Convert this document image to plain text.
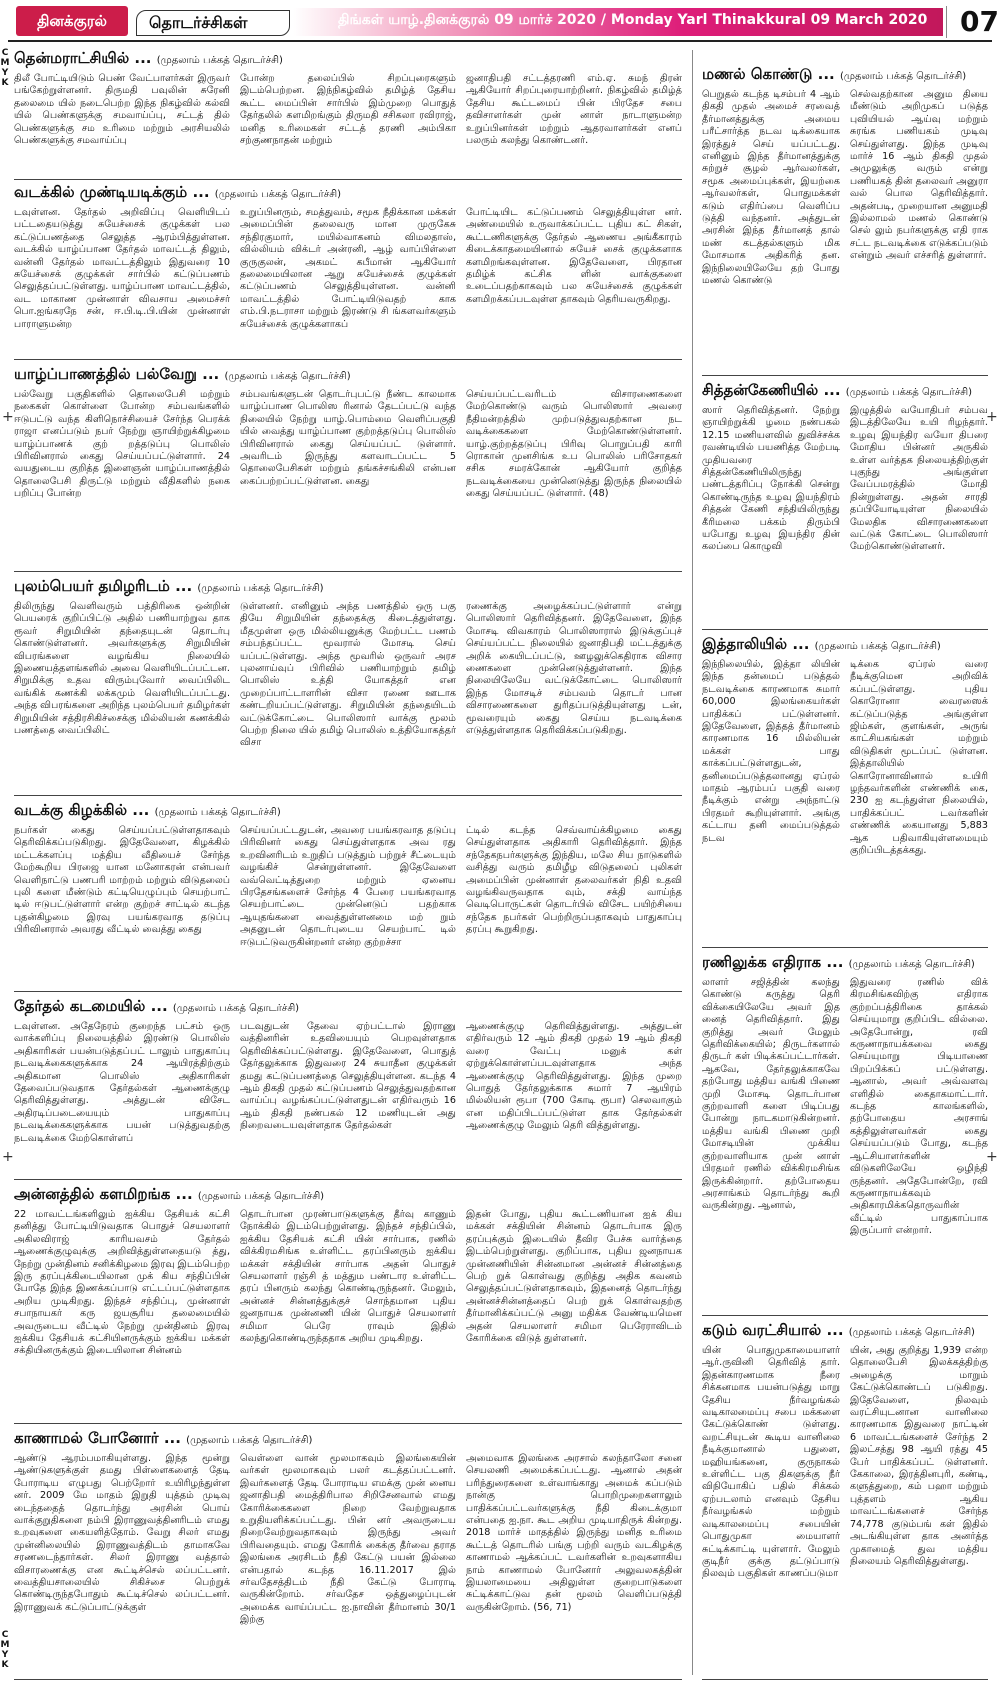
தினக்குரல்	தொடர்ச்சிகள்	திங்கள் யாழ்.தினக்குரல் 09 மார்ச் 2020 / Monday Yarl Thinakkural 09 March 2020	07
CMYK
CMYK
+
+
+
+
தென்மராட்சியில் ... (முதலாம் பக்கத் தொடர்ச்சி)
திலீ போட்டியிடும் பெண் வேட்பாளர்கள் இருவர் பங்கேற்றுள்ளனர். திருமதி பவுலின் சுரேனி தலைமை யில் நடைபெற்ற இந்த நிகழ்வில் கல்வி யில் பெண்களுக்கு சமவாய்ப்பு, சட்டத் தில் பெண்களுக்கு சம உரிமை மற்றும் அரசியலில் பெண்களுக்கு சமவாய்ப்பு
போன்ற தலைப்பில் சிறப்புரைகளும் இடம்பெற்றன. இந்நிகழ்வில் தமிழ்த் தேசிய கூட்ட மைப்பின் சார்பில் இம்முறை பொதுத் தேர்தலில் களமிறங்கும் திருமதி சசிகலா ரவிராஜ், மனித உரிமைகள் சட்டத் தரணி அம்பிகா சற்குணநாதன் மற்றும்
ஜனாதிபதி சட்டத்தரணி எம்.ஏ. சுமந் திரன் ஆகியோர் சிறப்புரையாற்றினர். நிகழ்வில் தமிழ்த் தேசிய கூட்டமைப் பின் பிரதேச சபை தவிசாளர்கள் முன் னாள் நாடாளுமன்ற உறுப்பினர்கள் மற்றும் ஆதரவாளர்கள் எனப் பலரும் கலந்து கொண்டனர்.
வடக்கில் முண்டியடிக்கும் ... (முதலாம் பக்கத் தொடர்ச்சி)
டவுள்ளன. தேர்தல் அறிவிப்பு வெளியிடப் பட்டதையடுத்து சுயேச்சைக் குழுக்கள் பல கட்டுப்பணத்தை செலுத்த ஆரம்பித்துள்ளன. வடக்கில் யாழ்ப்பாண தேர்தல் மாவட்டத் திலும், வன்னி தேர்தல் மாவட்டத்திலும் இதுவரை 10 சுயேச்சைக் குழுக்கள் சார்பில் கட்டுப்பணம் செலுத்தப்பட்டுள்ளது. யாழ்ப்பாண மாவட்டத்தில், வட மாகாண முன்னாள் விவசாய அமைச்சர் பொ.ஐங்கரநே சன், ஈ.பி.டி.பி.யின் முன்னாள் பாராளுமன்ற
உறுப்பினரும், சமத்துவம், சமூக நீதிக்கான மக்கள் அமைப்பின் தலைவரு மான முருகேசு சந்திரகுமார், மயில்வாகனம் விமலதாஸ், வில்லியம் விக்டர் அன்ரனி, ஆழ் வாப்பிள்ளை குருகுலன், அகமட் கபீமான் ஆகியோர் தலைமையிலான ஆறு சுயேச்சைக் குழுக்கள் கட்டுப்பணம் செலுத்தியுள்ளன. வன்னி மாவட்டத்தில் போட்டியிடுவதற் காக எம்.பி.நடராசா மற்றும் இரண்டு சி ங்களவர்களும் சுயேச்சைக் குழுக்களாகப்
போட்டியிட கட்டுப்பணம் செலுத்தியுள்ள னர். அண்மையில் உருவாக்கப்பட்ட புதிய கட் சிகள், கூட்டணிகளுக்கு தேர்தல் ஆணைய அங்கீகாரம் கிடைக்காதமையினால் சுயேச் சைக் குழுக்களாக களமிறங்கவுள்ளன. இதேவேளை, பிரதான தமிழ்க் கட்சிக ளின் வாக்குகளை உடைப்பதற்காகவும் பல சுயேச்சைக் குழுக்கள் களமிறக்கப்படவுள்ள தாகவும் தெரியவருகிறது.
யாழ்ப்பாணத்தில் பல்வேறு ... (முதலாம் பக்கத் தொடர்ச்சி)
பல்வேறு பகுதிகளில் தொலைபேசி மற்றும் நகைகள் கொள்ளை போன்ற சம்பவங்களில் ஈடுபட்டு வந்த கிளிநொச்சியைச் சேர்ந்த பெரக்க் ராஜா எனப்படும் நபர் நேற்று ஞாயிற்றுக்கிழமை யாழ்ப்பாணக் குற் றத்தடுப்பு பொலிஸ் பிரிவினரால் கைது செய்யப்பட்டுள்ளார். 24 வயதுடைய குறித்த இளைஞன் யாழ்ப்பாணத்தில் தொலைபேசி திருட்டு மற்றும் வீதிகளில் நகை பறிப்பு போன்ற
சம்பவங்களுடன் தொடர்புபட்டு நீண்ட காலமாக யாழ்ப்பாண பொலிஸ ரினால் தேடப்பட்டு வந்த நிலையில் நேற்று யாழ்.பொம்மை வெளிப்பகுதி யில் வைத்து யாழ்ப்பாண குற்றத்தடுப்பு பொலிஸ் பிரிவினரால் கைது செய்யப்பட் டுள்ளார். அவரிடம் இருந்து களவாடப்பட்ட 5 தொலைபேசிகள் மற்றும் தங்கச்சங்கிலி என்பன கைப்பற்றப்பட்டுள்ளன. கைது
செய்யப்பட்டவரிடம் விசாரணைகளை மேற்கொண்டு வரும் பொலிஸார் அவரை நீதிமன்றத்தில் முற்படுத்துவதற்கான நட வடிக்கைகளை மேற்கொண்டுள்ளனர். யாழ்.குற்றத்தடுப்பு பிரிவு பொறுப்பதி காரி ரொகான் முனசிங்க உப பொலிஸ் பரிசோதகர் சசிக சமரக்கோன் ஆகியோர் குறித்த நடவடிக்கையை முன்னெடுத்து இருந்த நிலையில் கைது செய்யப்பட் டுள்ளார். (48)
புலம்பெயர் தமிழரிடம் ... (முதலாம் பக்கத் தொடர்ச்சி)
திலிருந்து வெளிவரும் பத்திரிகை ஒன்றின் பெயரைக் குறிப்பிட்டு அதில் பணியாற்றுவ தாக ரூவர் சிறுமியின் தந்தையுடன் தொடர்பு கொண்டுள்ளனர். அவர்களுக்கு சிறுமியின் விபரங்களை வழங்கிய நிலையில் இணையத்தளங்களில் அவை வெளியிடப்பட்டன. சிறுமிக்கு உதவ விரும்புவோர் வைப்பிலிட வங்கிக் கணக்கி லக்கமும் வெளியிடப்பட்டது. அந்த விபரங்களை அறிந்த புலம்பெயர் தமிழர்கள் சிறுமியின் சத்திரசிகிச்சைக்கு மில்லியன் கணக்கில் பணத்தை வைப்பிலிட்
டுள்ளனர். எனினும் அந்த பணத்தில் ஒரு பகு தியே சிறுமியின் தந்தைக்கு கிடைத்துள்ளது. மீதமுள்ள ஒரு மில்லியனுக்கு மேற்பட்ட பணம் சம்பந்தப்பட்ட மூவரால் மோசடி செய் யப்பட்டுள்ளது. அந்த மூவரில் ஒருவர் அரச புலனாய்வுப் பிரிவில் பணியாற்றும் தமிழ் பொலிஸ் உத்தி யோகத்தர் என முறைப்பாட்டாளரின் விசா ரணை ஊடாக கண்டறியப்பட்டுள்ளது. சிறுமியின் தந்தையிடம் வட்டுக்கோட்டை பொலிஸார் வாக்கு மூலம் பெற்ற நிலை யில் தமிழ் பொலிஸ் உத்தியோகத்தர் விசா
ரணைக்கு அழைக்கப்பட்டுள்ளார் என்று பொலிஸார் தெரிவித்தனர். இதேவேளை, இந்த மோசடி விவகாரம் பொலிஸாரால் இடுக்குப்புச் செய்யப்பட்ட நிலையில் ஜனாதிபதி மட்டத்துக்கு அறிக் கையிடப்பட்டு, ஊழலுக்கெதிராக விசார ணைகளை முன்னெடுத்துள்ளனர். இந்த நிலையிலேயே வட்டுக்கோட்டை பொலிஸார் இந்த மோசடிச் சம்பவம் தொடர் பான விசாரணைகளை துரிதப்படுத்தியுள்ளது டன், மூவரையும் கைது செய்ய நடவடிக்கை எடுத்துள்ளதாக தெரிவிக்கப்படுகிறது.
வடக்கு கிழக்கில் ... (முதலாம் பக்கத் தொடர்ச்சி)
நபர்கள் கைது செய்யப்பட்டுள்ளதாகவும் தெரிவிக்கப்படுகிறது. இதேவேளை, கிழக்கில் மட்டக்களப்பு மத்திய வீதியைச் சேர்ந்த மேற்கூறிய பிரஜை யான மனோகரன் என்பவர் வெளிநாட்டு பணபரி மாற்றம் மற்றும் விடுதலைப் புலி களை மீண்டும் கட்டியெழுப்பும் செயற்பாட் டில் ஈடுபட்டுள்ளார் என்ற குற்றச் சாட்டில் கடந்த புதன்கிழமை இரவு பயங்கரவாத தடுப்பு பிரிவினரால் அவரது வீட்டில் வைத்து கைது
செய்யப்பட்டதுடன், அவரை பயங்கரவாத தடுப்பு பிரிவினர் கைது செய்துள்ளதாக அவ ரது உறவினரிடம் உறுதிப் படுத்தும் பற்றுச் சீட்டையும் வழங்கிச் சென்றுள்ளனர். இதேவேளை வவ்வெட்டித்துறை மற்றும் ஏனைய பிரதேசங்களைச் சேர்ந்த 4 பேரை பயங்கரவாத செயற்பாட்டை முன்னெடுப் பதற்காக ஆயுதங்களை வைத்துள்ளனமை மற் றும் அதனுடன் தொடர்புடைய செயற்பாட் டில் ஈடுபட்டுவருகின்றனர் என்ற குற்றச்சா
ட்டில் கடந்த செவ்வாய்க்கிழமை கைது செய்துள்ளதாக அதிகாரி தெரிவித்தார். இந்த சந்தேகநபர்களுக்கு இந்திய, மலே சிய நாடுகளில் வசித்து வரும் தமிழீழ விடுதலைப் புலிகள் அமைப்பின் முன்னாள் தலைவர்கள் நிதி உதவி வழங்கிவருவதாக வும், சக்தி வாய்ந்த வெடிபொருட்கள் தொடர்பில் விசேட பயிற்சியை சந்தேக நபர்கள் பெற்றிருப்பதாகவும் பாதுகாப்பு தரப்பு கூறுகிறது.
தேர்தல் கடமையில் ... (முதலாம் பக்கத் தொடர்ச்சி)
டவுள்ளன. அதேநேரம் குறைந்த பட்சம் ஒரு வாக்களிப்பு நிலையத்தில் இரண்டு பொலிஸ் அதிகாரிகள் பயன்படுத்தப்பட் டாலும் பாதுகாப்பு நடவடிக்கைகளுக்காக 24 ஆயிரத்திற்கும் அதிகமான பொலிஸ் அதிகாரிகள் தேவைப்படுவதாக தேர்தல்கள் ஆணைக்குழு தெரிவித்துள்ளது. அத்துடன் விசேட அதிரடிப்படையையும் பாதுகாப்பு நடவடிக்கைகளுக்காக பயன் படுத்துவதற்கு நடவடிக்கை மேற்கொள்ளப்
படவுதுடன் தேவை ஏற்பட்டால் இராணு வத்தினரின் உதவியையும் பெறவுள்ளதாக தெரிவிக்கப்பட்டுள்ளது. இதேவேளை, பொதுத் தேர்தலுக்காக இதுவரை 24 சுயாதீன குழுக்கள் தமது கட்டுப்பணத்தை செலுத்தியுள்ளன. கடந்த 4 ஆம் திகதி முதல் கட்டுப்பணம் செலுத்துவதற்கான வாய்ப்பு வழங்கப்பட்டுள்ளதுடன் எதிர்வரும் 16 ஆம் திகதி நண்பகல் 12 மணியுடன் அது நிறைவடையவுள்ளதாக தேர்தல்கள்
ஆணைக்குழு தெரிவித்துள்ளது. அத்துடன் எதிர்வரும் 12 ஆம் திகதி முதல் 19 ஆம் திகதி வரை வேட்பு மனுக் கள் ஏற்றுக்கொள்ளப்படவுள்ளதாக அந்த ஆணைக்குழு தெரிவித்துள்ளது. இந்த முறை பொதுத் தேர்தலுக்காக சுமார் 7 ஆயிரம் மில்லியன் ரூபா (700 கோடி ரூபா) செலவாகும் என மதிப்பிடப்பட்டுள்ள தாக தேர்தல்கள் ஆணைக்குழு மேலும் தெரி வித்துள்ளது.
அன்னத்தில் களமிறங்க ... (முதலாம் பக்கத் தொடர்ச்சி)
22 மாவட்டங்களிலும் ஐக்கிய தேசியக் கட்சி தனித்து போட்டியிடுவதாக பொதுச் செயலாளர் அகிலவிராஜ் காரியவசம் தேர்தல் ஆணைக்குழுவுக்கு அறிவித்துள்ளதையடு த்து, நேற்று முன்தினம் சனிக்கிழமை இரவு இடம்பெற்ற இரு தரப்புக்கிடையிலான முக் கிய சந்திப்பின் போதே இந்த இணக்கப்பாடு எட்டப்பட்டுள்ளதாக அறிய முடிகிறது. இந்தச் சந்திப்பு, முன்னாள் சபாநாயகர் கரு ஜயசூரிய தலைமையில் அவருடைய வீட்டில் நேற்று முன்தினம் இரவு ஐக்கிய தேசியக் கட்சியினருக்கும் ஐக்கிய மக்கள் சக்தியினருக்கும் இடையிலான சின்னம்
தொடர்பான முரண்பாடுகளுக்கு தீர்வு காணும் நோக்கில் இடம்பெற்றுள்ளது. இந்தச் சந்திப்பில், ஐக்கிய தேசியக் கட்சி யின் சார்பாக, ரணில் விக்கிரமசிங்க உள்ளிட்ட தரப்பினரும் ஐக்கிய மக்கள் சக்தியின் சார்பாக அதன் பொதுச் செயலாளர் ரஞ்சி த் மத்தும பண்டார உள்ளிட்ட தரப் பினரும் கலந்து கொண்டிருந்தனர். மேலும், அன்னச் சின்னத்துக்குச் சொந்தமான புதிய ஜனநாயக முன்னணி யின் பொதுச் செயலாளர் சமிமா பெரே ராவும் இதில் கலந்துகொண்டிருந்ததாக அறிய முடிகிறது.
இதன் போது, புதிய கூட்டணியான ஐக் கிய மக்கள் சக்தியின் சின்னம் தொடர்பாக இரு தரப்புக்கும் இடையில் தீவிர பேச்சு வார்த்தை இடம்பெற்றுள்ளது. குறிப்பாக, புதிய ஜனநாயக முன்னணியின் சின்னமான அன்னச் சின்னத்தை பெற் றுக் கொள்வது குறித்து அதிக கவனம் செலுத்தப்பட்டுள்ளதாகவும், இதனைத் தொடர்ந்து அன்னச்சின்னத்தைப் பெற் றுக் கொள்வதற்கு தீர்மானிக்கப்பட்டு அனு மதிக்க வேண்டியமென அதன் செயலாளர் சமிமா பெரேராவிடம் கோரிக்கை விடுத் துள்ளனர்.
காணாமல் போனோர் ... (முதலாம் பக்கத் தொடர்ச்சி)
ஆண்டு ஆரம்பமாகியுள்ளது. இந்த மூன்று ஆண்டுகளுக்குள் தமது பிள்ளைகளைத் தேடி போராடிய எழுபது பெற்றோர் உயிரிழந்துள்ள னர். 2009 மே மாதம் இறுதி யுத்தம் முடிவு டைந்ததைத் தொடர்ந்து அரசின் பொய் வாக்குறுதிகளை நம்பி இராணுவத்தினரிடம் எமது உறவுகளை கையளித்தோம். வேறு சிலர் எமது முன்னிலையில் இராணுவத்திடம் தாமாகவே சரணடைந்தார்கள். சிலர் இராணு வத்தால் விசாரணைக்கு என கூட்டிச்செல் லப்பட்டனர். வைத்தியசாலையில் சிகிச்சை பெற்றுக் கொண்டிருந்தபோதும் கூட்டிச்செல் லப்பட்டனர். இராணுவக் கட்டுப்பாட்டுக்குள்
வெள்ளை வான் மூலமாகவும் இலங்கையின் வர்கள் மூலமாகவும் பலர் கடத்தப்பட்டனர். இவர்களைத் தேடி போராடிய எமக்கு முன் னைய ஜனாதிபதி மைத்திரிபால சிறிசேனவால் எமது கோரிக்கைகளை நிறை வேற்றுவதாக உறுதியளிக்கப்பட்டது. பின் னர் அவருடைய நிறைவேற்றுவதாகவும் இருந்து அவர் பிரிவதையும். எமது கோரிக் கைக்கு தீர்வை தராத இலங்கை அரசிடம் நீதி கேட்டு பயன் இல்லை என்பதால் கடந்த 16.11.2017 இல் சர்வதேசத்திடம் நீதி கேட்டு போராடி வருகின்றோம். சர்வதேச ஒத்துழைப்புடன் அமைக்க வாய்ப்பட்ட ஐ.நாவின் தீர்மானம் 30/1 இற்கு
அமைவாக இலங்கை அரசால் கலந்தாலோ சனை செயலணி அமைக்கப்பட்டது. ஆனால் அதன் பரிந்துரைகளை உள்வாங்காது அமைக் கப்படும் நான்கு பொறிமுறைகளாலும் பாதிக்கப்பட்டவர்களுக்கு நீதி கிடைக்குமா என்பதை ஐ.நா. கூட அறிய முடியாதிருக் கின்றது. 2018 மார்ச் மாதத்தில் இருந்து மனித உரிமை கூட்டத் தொடரில் பங்கு பற்றி வரும் வடகிழக்கு காணாமல் ஆக்கப்பட் டவர்களின் உறவுகளாகிய நாம் காணாமல் போனோர் அலுவலகத்தின் இயலாமையை அதிலுள்ள குறைபாடுகளை சுட்டிக்காட்டுவ தன் மூலம் வெளிப்படுத்தி வருகின்றோம். (56, 71)
மணல் கொண்டு ... (முதலாம் பக்கத் தொடர்ச்சி)
பெறுதல் கடந்த டிசம்பர் 4 ஆம் திகதி முதல் அமைச் சரவைத் தீர்மானத்துக்கு அமைய பரீட்சார்த்த நடவ டிக்கையாக இரத்துச் செய் யப்பட்டது. எனினும் இந்த தீர்மானத்துக்கு சுற்றுச் சூழல் ஆர்வலர்கள், சமூக அமைப்புக்கள், இயற்கை ஆர்வலர்கள், பொதுமக்கள் கடும் எதிர்ப்பை வெளிப்ப டுத்தி வந்தனர். அத்துடன் அரசின் இந்த தீர்மானத் தால் மண் கடத்தல்களும் மிக மோசமாக அதிகரித் தன. இந்நிலையிலேயே தற் போது மணல் கொண்டு
செல்வதற்கான அனும தியை மீண்டும் அறிமுகப் படுத்த புவியியல் ஆய்வு மற்றும் சுரங்க பணியகம் முடிவு செய்துள்ளது. இந்த முடிவு மார்ச் 16 ஆம் திகதி முதல் அமுலுக்கு வரும் என்று பணியகத் தின் தலைவர் அனுரா வல் பொல தெரிவித்தார். அதன்படி, முறையான அனுமதி இல்லாமல் மணல் கொண்டு செல் லும் நபர்களுக்கு எதி ராக சட்ட நடவடிக்கை எடுக்கப்படும் என்றும் அவர் எச்சரித் துள்ளார்.
சித்தன்கேணியில் ... (முதலாம் பக்கத் தொடர்ச்சி)
ஸார் தெரிவித்தனர். நேற்று ஞாயிற்றுக்கி ழமை நண்பகல் 12.15 மணியளவில் துவிச்சக்க ரவண்டியில் பயணித்த மேற்படி முதியவரை சித்தன்கேணியிலிருந்து பண்டத்தரிப்பு நோக்கி சென்று கொண்டிருந்த உழவு இயந்திரம் சித்தன் கேணி சந்தியிலிருந்து கீரிமலை பக்கம் திரும்பி யபோது உழவு இயந்திர தின் கலப்பை கொழுவி
இழுத்தில் வயோதிபர் சம்பவ இடத்திலேயே உயி ரிழந்தார். உழவு இயந்திர வயோ திபரை மோதிய பின்னர் அருகில் உள்ள வர்த்தக நிலையத்திற்குள் புகுந்து அங்குள்ள வேப்பமரத்தில் மோதி நின்றுள்ளது. அதன் சாரதி தப்பியோடியுள்ள நிலையில் மேலதிக விசாரணைகளை வட்டுக் கோட்டை பொலிஸார் மேற்கொண்டுள்ளனர்.
இத்தாலியில் ... (முதலாம் பக்கத் தொடர்ச்சி)
இந்நிலையில், இத்தா லியின் இந்த தன்மைப் படுத்தல் நடவடிக்கை காரணமாக சுமார் 60,000 இலங்கையர்கள் பாதிக்கப் பட்டுள்ளனர். இதேவேளை, இத்தத் தீர்மானம் காரணமாக 16 மில்லியன் மக்கள் பாது காக்கப்பட்டுள்ளதுடன், தனிமைப்படுத்தலானது ஏப்ரல் மாதம் ஆரம்பப் பகுதி வரை நீடிக்கும் என்று அந்நாட்டு பிரதமர் கூறியுள்ளார். அங்கு கட்டாய தனி மைப்படுத்தல் நடவ
டிக்கை ஏப்ரல் வரை நீடிக்குமென அறிவிக் கப்பட்டுள்ளது. புதிய கொரோனா வைரஸைக் கட்டுப்படுத்த அங்குள்ள ஜிம்கள், குளங்கள், அருங் காட்சியகங்கள் மற்றும் விடுதிகள் மூடப்பட் டுள்ளன. இத்தாலியில் கொரோனாவினால் உயிரி ழந்தவர்களின் எண்ணிக் கை, 230 ஐ கடந்துள்ள நிலையில், பாதிக்கப்பட் டவர்களின் எண்ணிக் கையானது 5,883 ஆக பதிவாகியுள்ளமையும் குறிப்பிடத்தக்கது.
ரணிலுக்க எதிராக ... (முதலாம் பக்கத் தொடர்ச்சி)
லாளர் சஜித்தின் கலந்து கொண்டு கருத்து தெரி விக்கையிலேயே அவர் இத னைத் தெரிவித்தார். இது குறித்து அவர் மேலும் தெரிவிக்கையில்; திருடர்களால் திருடர் கள் பிடிக்கப்பட்டார்கள். ஆகவே, தேர்தலுக்காகவே தற்போது மத்திய வங்கி பிணை முறி மோசடி தொடர்பான குற்றவாளி களை பிடிப்பது போன்று நாடகமாடுகின்றனர். மத்திய வங்கி பிணை முறி மோசடியின் முக்கிய குற்றவாளியாக முன் னாள் பிரதமர் ரணில் விக்கிரமசிங்க இருக்கின்றார். தற்போதைய அரசாங்கம் தொடர்ந்து கூறி வருகின்றது. ஆனால்,
இதுவரை ரணில் விக் கிரமசிங்கவிற்கு எதிராக குற்றப்பத்திரிகை தாக்கல் செய்யுமாறு குறிப்பிட வில்லை. அதேபோன்று, ரவி கருணாநாயக்கவை கைது செய்யுமாறு பிடியாணை பிறப்பிக்கப் பட்டுள்ளது. ஆனால், அவர் அவ்வளவு எளிதில் கைதாகமாட்டார். கடந்த காலங்களில், தற்போதைய அரசாங் கத்திலுள்ளவர்கள் கைது செய்யப்படும் போது, கடந்த ஆட்சியாளர்களின் விடுகளிலேயே ஒழிந்தி ருந்தனர். அதேபோன்றே, ரவி கருணாநாயக்கவும் அதிகாரமிக்கதொருவரின் வீட்டில் பாதுகாப்பாக இருப்பார் என்றார்.
கடும் வரட்சியால் ... (முதலாம் பக்கத் தொடர்ச்சி)
யின் பொதுமுகாமையாளர் ஆர்.ருவினி தெரிவித் தார். இதன்காரணமாக நீரை சிக்கனமாக பயன்படுத்து மாறு தேசிய நீர்வழங்கல் வடிகாலமைப்பு சபை மக்களை கேட்டுக்கொண் டுள்ளது. வறட்சியுடன் கூடிய வானிலை நீடிக்குமானால் பதுளை, மஹியங்கனை, குருநாகல் உள்ளிட்ட பகு திகளுக்கு நீர் விநியோகிப் பதில் சிக்கல் ஏற்படலாம் எனவும் தேசிய நீர்வழங்கல் மற்றும் வடிகாலமைப்பு சபையின் பொதுமுகா மையாளர் சுட்டிக்காட்டி யுள்ளார். மேலும் குடிநீர் குக்கு தட்டுப்பாடு நிலவும் பகுதிகள் காணப்படுமா
யின், அது குறித்து 1,939 என்ற தொலைபேசி இலக்கத்திற்கு அழைக்கு மாறும் கேட்டுக்கொண்டப் படுகிறது. இதேவேளை, நிலவும் வரட்சியுடனான வானிலை காரணமாக இதுவரை நாட்டின் 6 மாவட்டங்களைச் சேர்ந்த 2 இலட்சத்து 98 ஆயி ரத்து 45 பேர் பாதிக்கப்பட் டுள்ளனர். கேகாலை, இரத்தினபுரி, கண்டி, களுத்துறை, கம் பஹா மற்றும் புத்தளம் ஆகிய மாவட்டங்களைச் சேர்ந்த 74,778 குடும்பங் கள் இதில் அடங்கியுள்ள தாக அனர்த்த முகாமைத் துவ மத்திய நிலையம் தெரிவித்துள்ளது.
